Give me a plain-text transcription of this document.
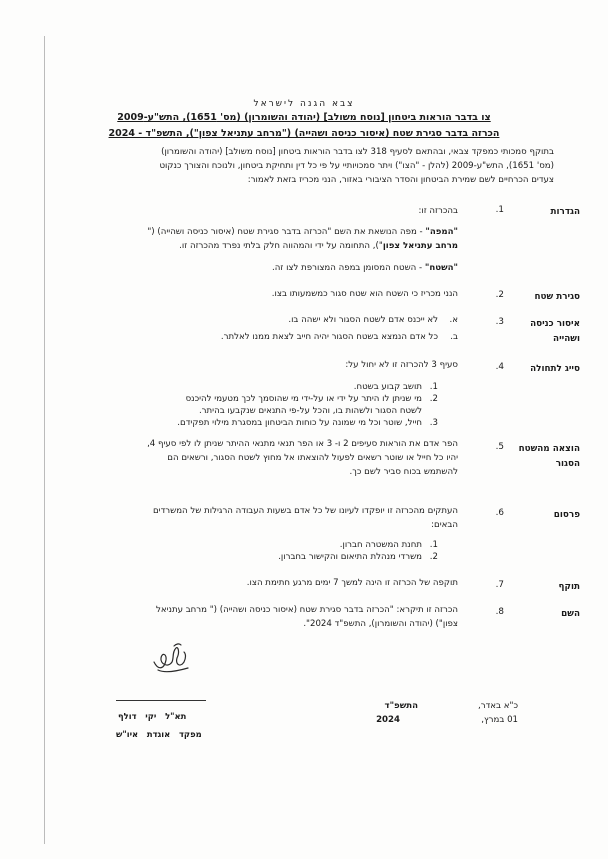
צבא הגנה לישראל
צו בדבר הוראות ביטחון [נוסח משולב] (יהודה והשומרון) (מס' 1651), התש"ע-2009
הכרזה בדבר סגירת שטח (איסור כניסה ושהייה) ("מרחב עתניאל צפון"), התשפ"ד - 2024
בתוקף סמכותי כמפקד צבאי, ובהתאם לסעיף 318 לצו בדבר הוראות ביטחון [נוסח משולב] (יהודה והשומרון)
(מס' 1651), התש"ע-2009 (להלן - "הצו") ויתר סמכויותיי על פי כל דין ותחיקת ביטחון, ולנוכח והצורך כנקוט
צעדים הכרחיים לשם שמירת הביטחון והסדר הציבורי באזור, הנני מכריז בזאת לאמור:
הגדרות
1.
בהכרזה זו:
"המפה" - מפה הנושאת את השם "הכרזה בדבר סגירת שטח (איסור כניסה ושהייה) ("
מרחב עתניאל צפון"), התחומה על ידי והמהווה חלק בלתי נפרד מהכרזה זו.
"השטח" - השטח המסומן במפה המצורפת לצו זה.
סגירת שטח
2.
הנני מכריז כי השטח הוא שטח סגור כמשמעותו בצו.
איסור כניסה ושהייה
3.
א.
לא ייכנס אדם לשטח הסגור ולא ישהה בו.
ב.
כל אדם הנמצא בשטח הסגור יהיה חייב לצאת ממנו לאלתר.
סייג לתחולה
4.
סעיף 3 להכרזה זו לא יחול על:
1.
תושב קבוע בשטח.
2.
מי שניתן לו היתר על ידי או על-ידי מי שהוסמך לכך מטעמי להיכנס
לשטח הסגור ולשהות בו, והכל על-פי התנאים שנקבעו בהיתר.
3.
חייל, שוטר וכל מי שמונה על כוחות הביטחון במסגרת מילוי תפקידם.
הוצאה מהשטח הסגור
5.
הפר אדם את הוראות סעיפים 2 ו- 3 או הפר תנאי מתנאי ההיתר שניתן לו לפי סעיף 4,
יהיו כל חייל או שוטר רשאים לפעול להוצאתו אל מחוץ לשטח הסגור, ורשאים הם
להשתמש בכוח סביר לשם כך.
פרסום
6.
העתקים מהכרזה זו יופקדו לעיונו של כל אדם בשעות העבודה הרגילות של המשרדים
הבאים:
1.
תחנת המשטרה חברון.
2.
משרדי מנהלת התיאום והקישור בחברון.
תוקף
7.
תוקפה של הכרזה זו הינה למשך 7 ימים מרגע חתימת הצו.
השם
8.
הכרזה זו תיקרא: "הכרזה בדבר סגירת שטח (איסור כניסה ושהייה) (" מרחב עתניאל
צפון") (יהודה והשומרון), התשפ"ד 2024".
כ"א באדר,
התשפ"ד
01 במרץ,
2024
תא"ל   יקי   דולף
מפקד   אוגדת   איו"ש
